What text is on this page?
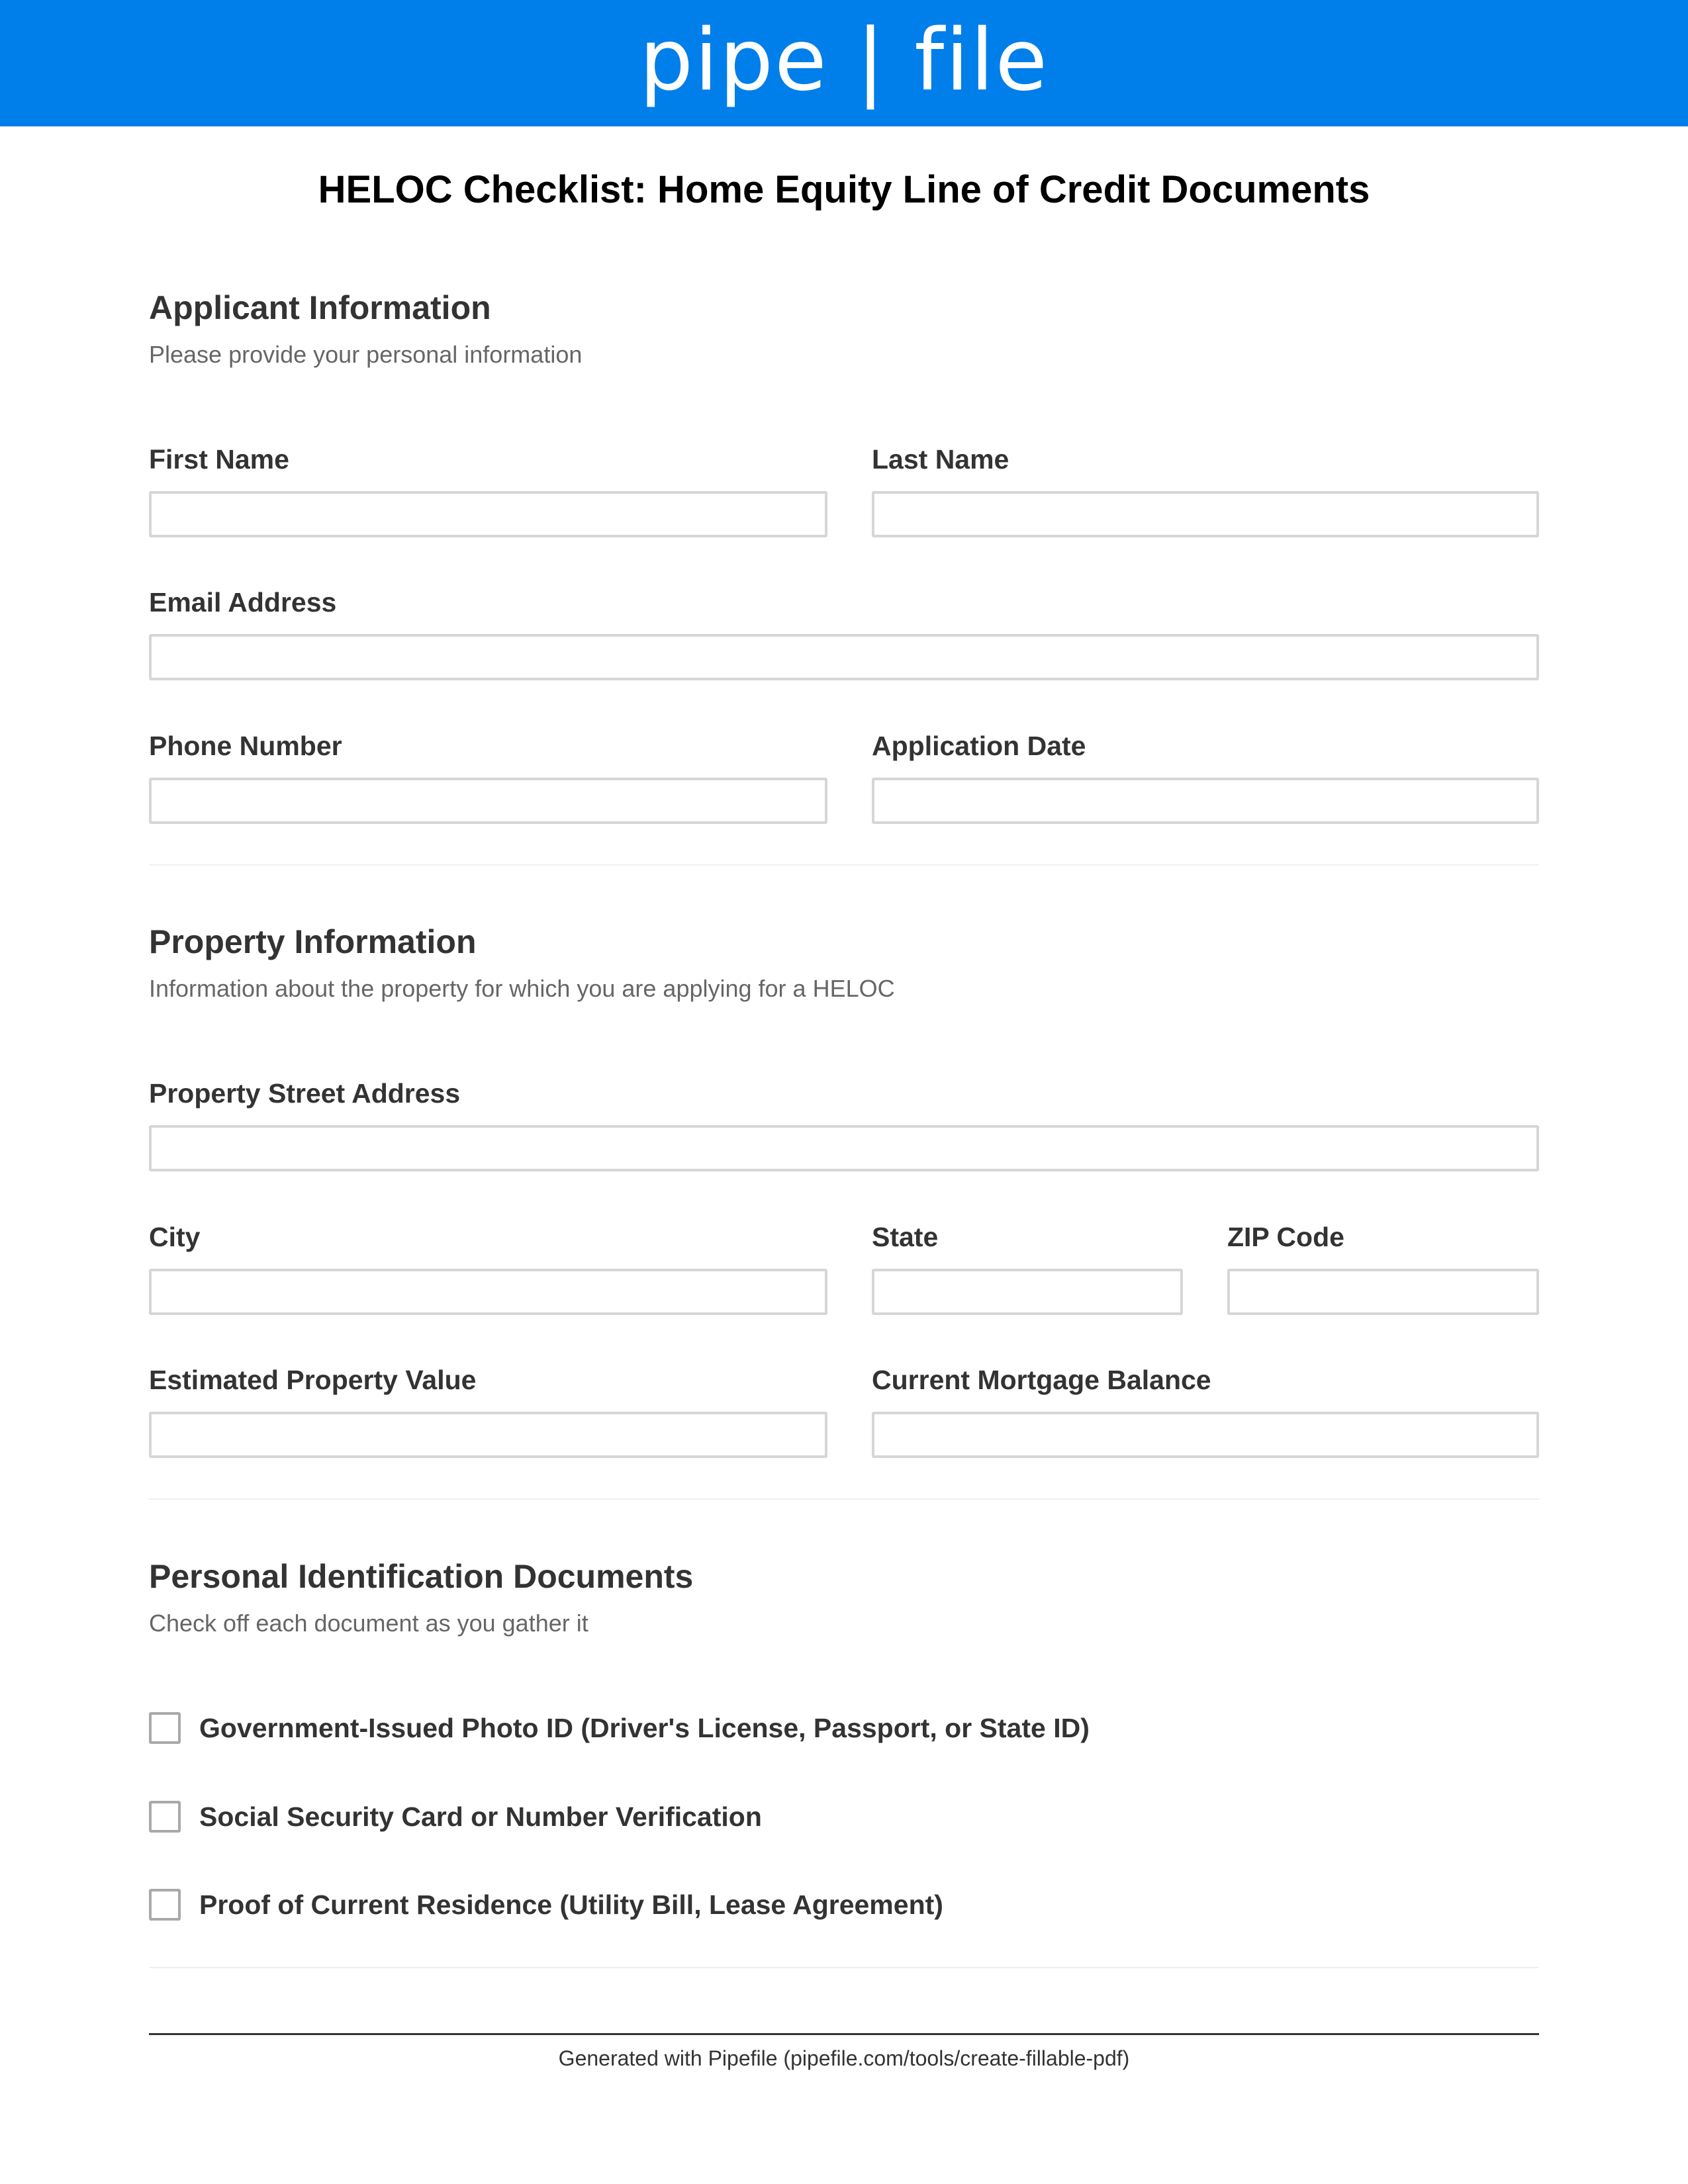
pipe | file
HELOC Checklist: Home Equity Line of Credit Documents
Applicant Information
Please provide your personal information
First Name	Last Name
Email Address
Phone Number	Application Date
Property Information
Information about the property for which you are applying for a HELOC
Property Street Address
City	State	ZIP Code
Estimated Property Value	Current Mortgage Balance
Personal Identification Documents
Check off each document as you gather it
Government-Issued Photo ID (Driver's License, Passport, or State ID)
Social Security Card or Number Verification
Proof of Current Residence (Utility Bill, Lease Agreement)
Generated with Pipefile (pipefile.com/tools/create-fillable-pdf)
